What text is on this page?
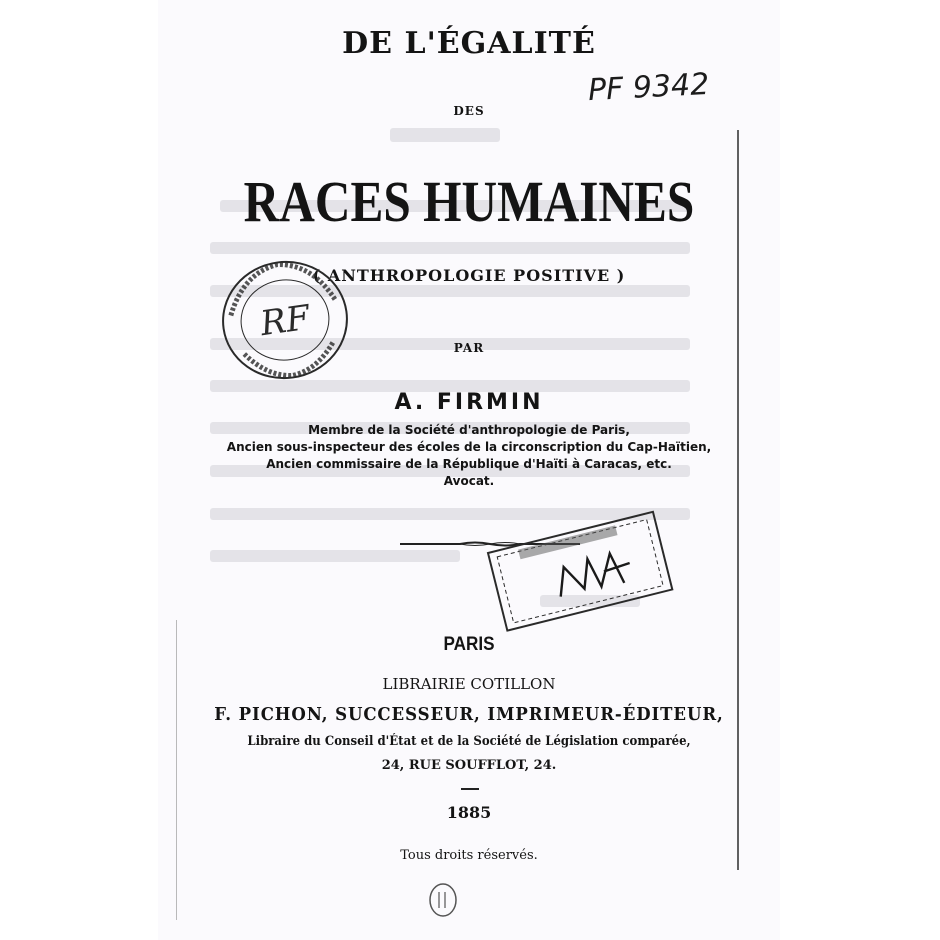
DE L'ÉGALITÉ
DES
RACES HUMAINES
( ANTHROPOLOGIE POSITIVE )
PAR
A. FIRMIN
Membre de la Société d'anthropologie de Paris,
Ancien sous-inspecteur des écoles de la circonscription du Cap-Haïtien,
Ancien commissaire de la République d'Haïti à Caracas, etc.
Avocat.
PARIS
LIBRAIRIE COTILLON
F. PICHON, SUCCESSEUR, IMPRIMEUR-ÉDITEUR,
Libraire du Conseil d'État et de la Société de Législation comparée,
24, RUE SOUFFLOT, 24.
1885
Tous droits réservés.
PF 9342
RF
